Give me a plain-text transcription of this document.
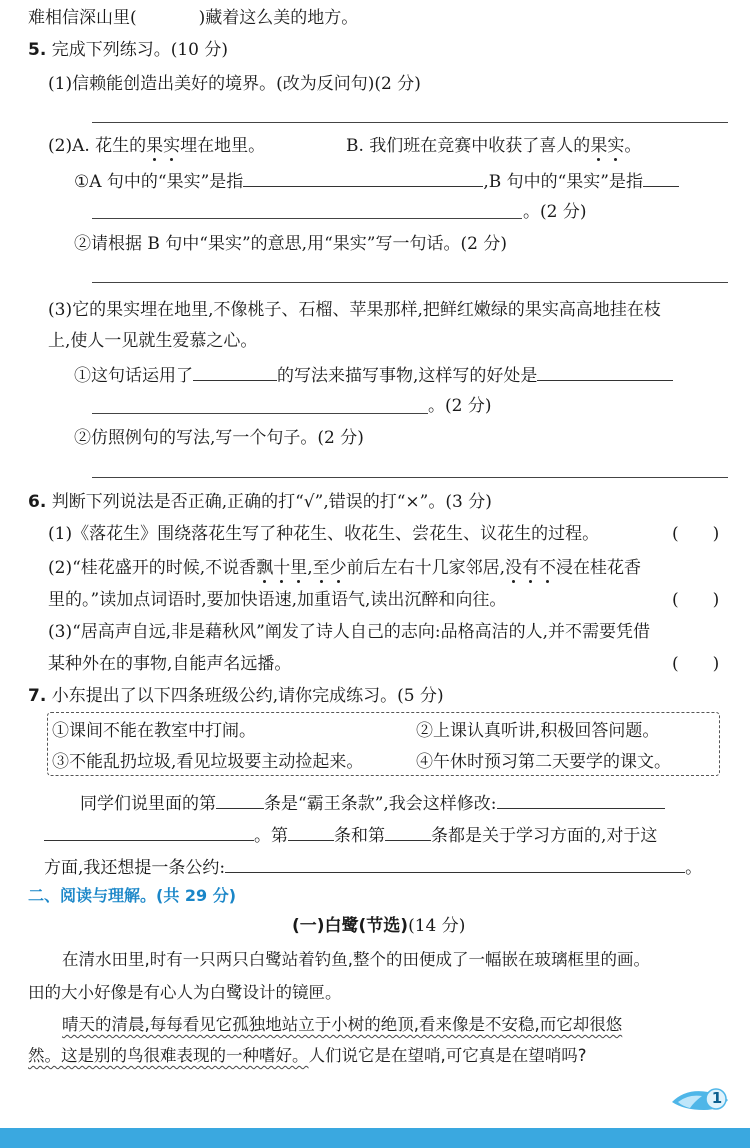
难相信深山里(	)藏着这么美的地方。
5. 完成下列练习。(10 分)
(1)信赖能创造出美好的境界。(改为反问句)(2 分)
(2)A. 花生的果实埋在地里。	B. 我们班在竞赛中收获了喜人的果实。
①A 句中的“果实”是指	,B 句中的“果实”是指
。(2 分)
②请根据 B 句中“果实”的意思,用“果实”写一句话。(2 分)
(3)它的果实埋在地里,不像桃子、石榴、苹果那样,把鲜红嫩绿的果实高高地挂在枝
上,使人一见就生爱慕之心。
①这句话运用了	的写法来描写事物,这样写的好处是
。(2 分)
②仿照例句的写法,写一个句子。(2 分)
6. 判断下列说法是否正确,正确的打“√”,错误的打“×”。(3 分)
(1)《落花生》围绕落花生写了种花生、收花生、尝花生、议花生的过程。	(　　)
(2)“桂花盛开的时候,不说香飘十里,至少前后左右十几家邻居,没有不浸在桂花香
里的。”读加点词语时,要加快语速,加重语气,读出沉醉和向往。	(　　)
(3)“居高声自远,非是藉秋风”阐发了诗人自己的志向:品格高洁的人,并不需要凭借
某种外在的事物,自能声名远播。	(　　)
7. 小东提出了以下四条班级公约,请你完成练习。(5 分)
①课间不能在教室中打闹。	②上课认真听讲,积极回答问题。
③不能乱扔垃圾,看见垃圾要主动捡起来。	④午休时预习第二天要学的课文。
同学们说里面的第	条是“霸王条款”,我会这样修改:
。第	条和第	条都是关于学习方面的,对于这
方面,我还想提一条公约:	。
二、阅读与理解。(共 29 分)
(一)白鹭(节选)(14 分)
在清水田里,时有一只两只白鹭站着钓鱼,整个的田便成了一幅嵌在玻璃框里的画。
田的大小好像是有心人为白鹭设计的镜匣。
晴天的清晨,每每看见它孤独地站立于小树的绝顶,看来像是不安稳,而它却很悠
然。这是别的鸟很难表现的一种嗜好。人们说它是在望哨,可它真是在望哨吗?
1
